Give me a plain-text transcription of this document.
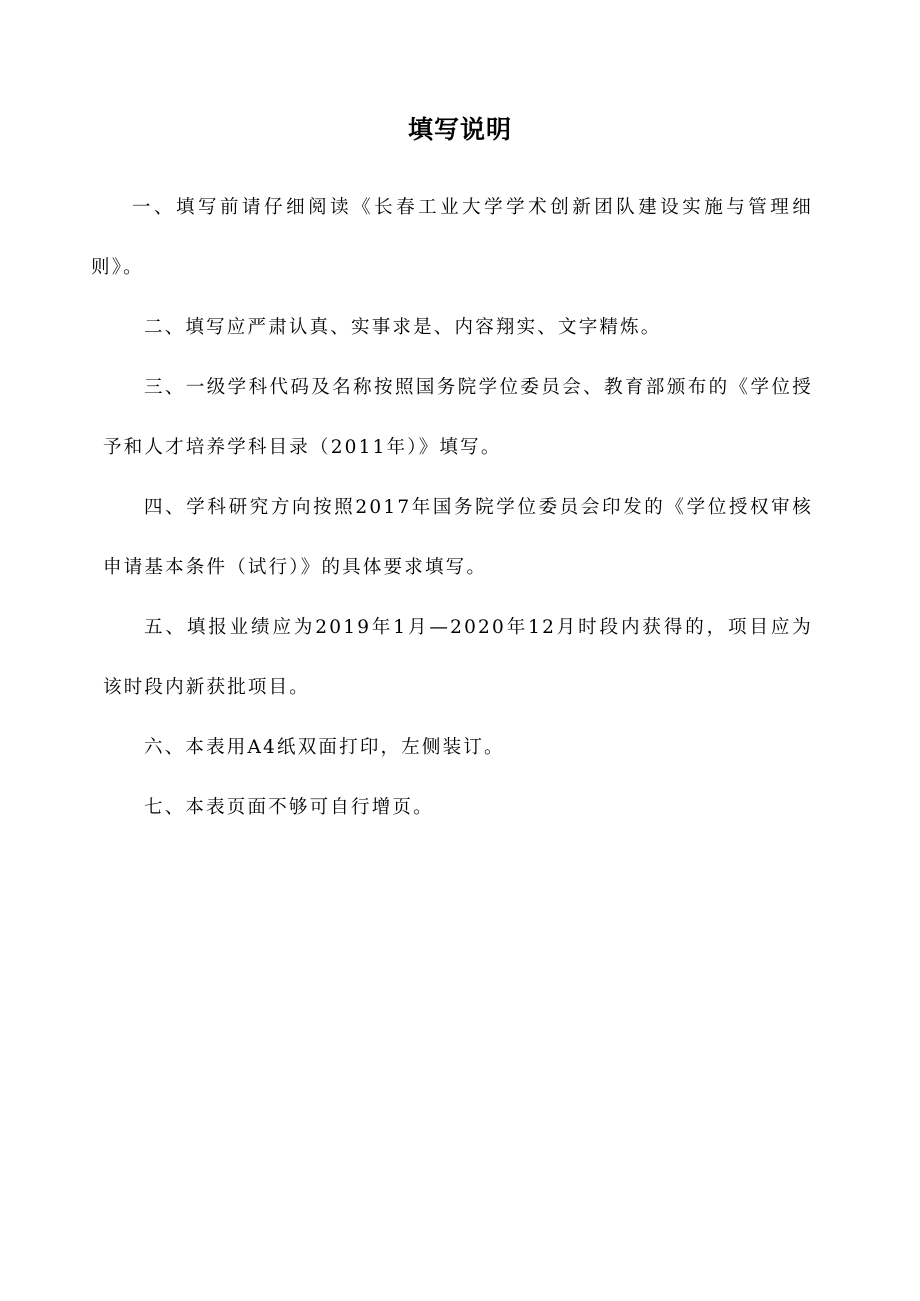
填写说明

一、填写前请仔细阅读《长春工业大学学术创新团队建设实施与管理细则》。

二、填写应严肃认真、实事求是、内容翔实、文字精炼。

三、一级学科代码及名称按照国务院学位委员会、教育部颁布的《学位授予和人才培养学科目录（2011年）》填写。

四、学科研究方向按照2017年国务院学位委员会印发的《学位授权审核申请基本条件（试行）》的具体要求填写。

五、填报业绩应为2019年1月—2020年12月时段内获得的，项目应为该时段内新获批项目。

六、本表用A4纸双面打印，左侧装订。

七、本表页面不够可自行增页。
